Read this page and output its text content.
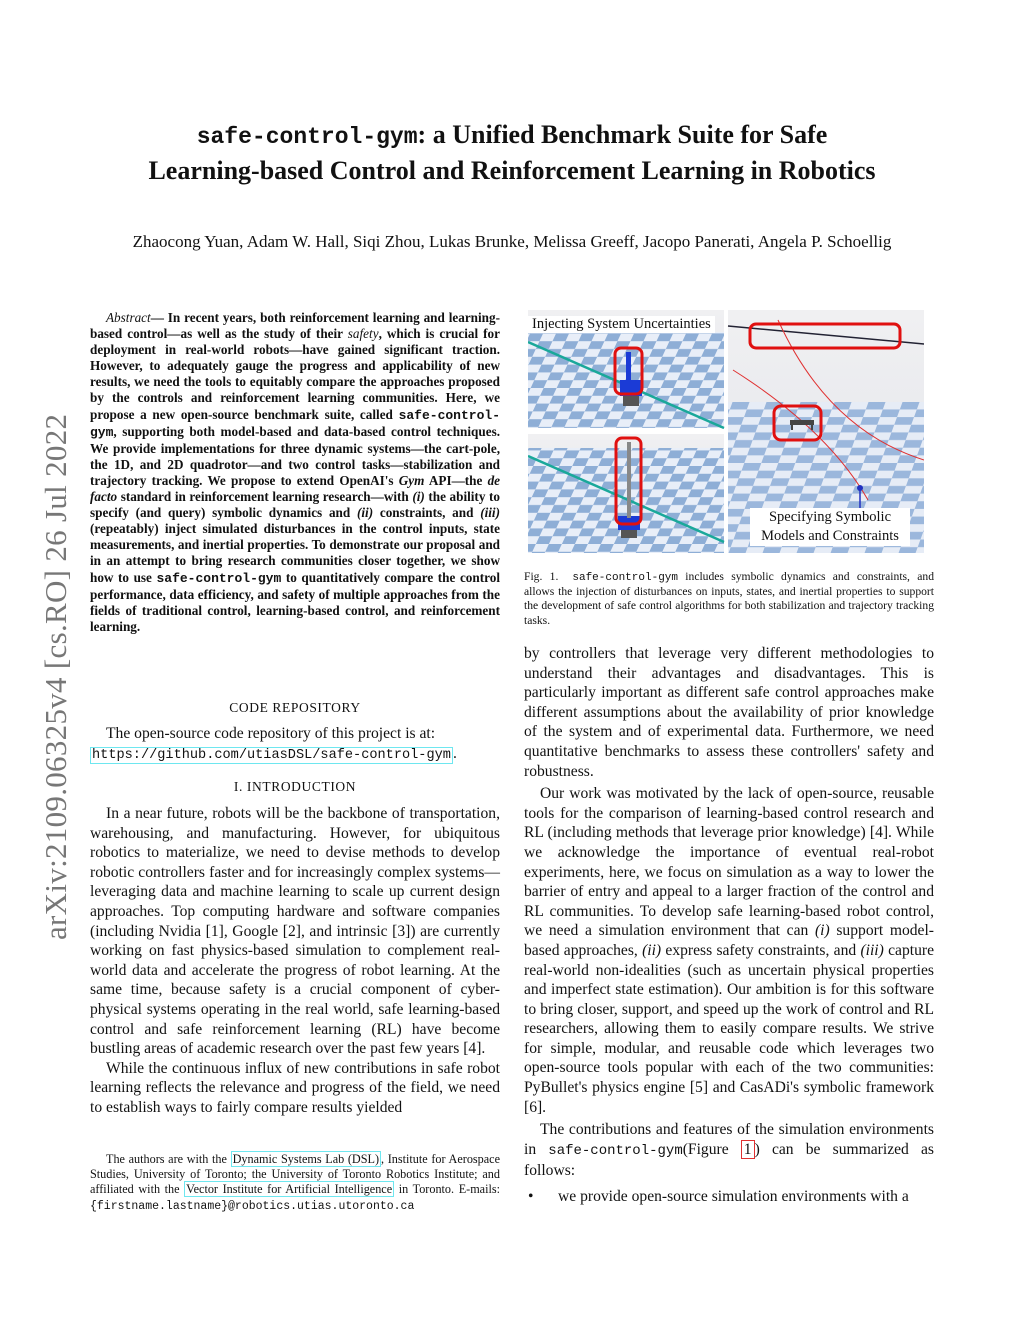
arXiv:2109.06325v4 [cs.RO] 26 Jul 2022
safe-control-gym: a Unified Benchmark Suite for Safe
Learning-based Control and Reinforcement Learning in Robotics
Zhaocong Yuan, Adam W. Hall, Siqi Zhou, Lukas Brunke, Melissa Greeff, Jacopo Panerati, Angela P. Schoellig
Abstract— In recent years, both reinforcement learning and learning-based control—as well as the study of their safety, which is crucial for deployment in real-world robots—have gained significant traction. However, to adequately gauge the progress and applicability of new results, we need the tools to equitably compare the approaches proposed by the controls and reinforcement learning communities. Here, we propose a new open-source benchmark suite, called safe-control-gym, supporting both model-based and data-based control techniques. We provide implementations for three dynamic systems—the cart-pole, the 1D, and 2D quadrotor—and two control tasks—stabilization and trajectory tracking. We propose to extend OpenAI's Gym API—the de facto standard in reinforcement learning research—with (i) the ability to specify (and query) symbolic dynamics and (ii) constraints, and (iii) (repeatably) inject simulated disturbances in the control inputs, state measurements, and inertial properties. To demonstrate our proposal and in an attempt to bring research communities closer together, we show how to use safe-control-gym to quantitatively compare the control performance, data efficiency, and safety of multiple approaches from the fields of traditional control, learning-based control, and reinforcement learning.
CODE REPOSITORY

The open-source code repository of this project is at:

https://github.com/utiasDSL/safe-control-gym .
I. INTRODUCTION

In a near future, robots will be the backbone of transportation, warehousing, and manufacturing. However, for ubiquitous robotics to materialize, we need to devise methods to develop robotic controllers faster and for increasingly complex systems—leveraging data and machine learning to scale up current design approaches. Top computing hardware and software companies (including Nvidia [1], Google [2], and intrinsic [3]) are currently working on fast physics-based simulation to complement real-world data and accelerate the progress of robot learning. At the same time, because safety is a crucial component of cyber-physical systems operating in the real world, safe learning-based control and safe reinforcement learning (RL) have become bustling areas of academic research over the past few years [4].

While the continuous influx of new contributions in safe robot learning reflects the relevance and progress of the field, we need to establish ways to fairly compare results yielded

The authors are with the Dynamic Systems Lab (DSL) , Institute for Aerospace Studies, University of Toronto; the University of Toronto Robotics Institute; and affiliated with the Vector Institute for Artificial Intelligence in Toronto. E-mails: {firstname.lastname}@robotics.utias.utoronto.ca
Injecting System Uncertainties
Specifying Symbolic
Models and Constraints
Fig. 1. safe-control-gym includes symbolic dynamics and constraints, and allows the injection of disturbances on inputs, states, and inertial properties to support the development of safe control algorithms for both stabilization and trajectory tracking tasks.

by controllers that leverage very different methodologies to understand their advantages and disadvantages. This is particularly important as different safe control approaches make different assumptions about the availability of prior knowledge of the system and of experimental data. Furthermore, we need quantitative benchmarks to assess these controllers' safety and robustness.

Our work was motivated by the lack of open-source, reusable tools for the comparison of learning-based control research and RL (including methods that leverage prior knowledge) [4]. While we acknowledge the importance of eventual real-robot experiments, here, we focus on simulation as a way to lower the barrier of entry and appeal to a larger fraction of the control and RL communities. To develop safe learning-based robot control, we need a simulation environment that can (i) support model-based approaches, (ii) express safety constraints, and (iii) capture real-world non-idealities (such as uncertain physical properties and imperfect state estimation). Our ambition is for this software to bring closer, support, and speed up the work of control and RL researchers, allowing them to easily compare results. We strive for simple, modular, and reusable code which leverages two open-source tools popular with each of the two communities: PyBullet's physics engine [5] and CasADi's symbolic framework [6].

The contributions and features of the simulation environments in safe-control-gym(Figure 1 ) can be summarized as follows:

• we provide open-source simulation environments with a
